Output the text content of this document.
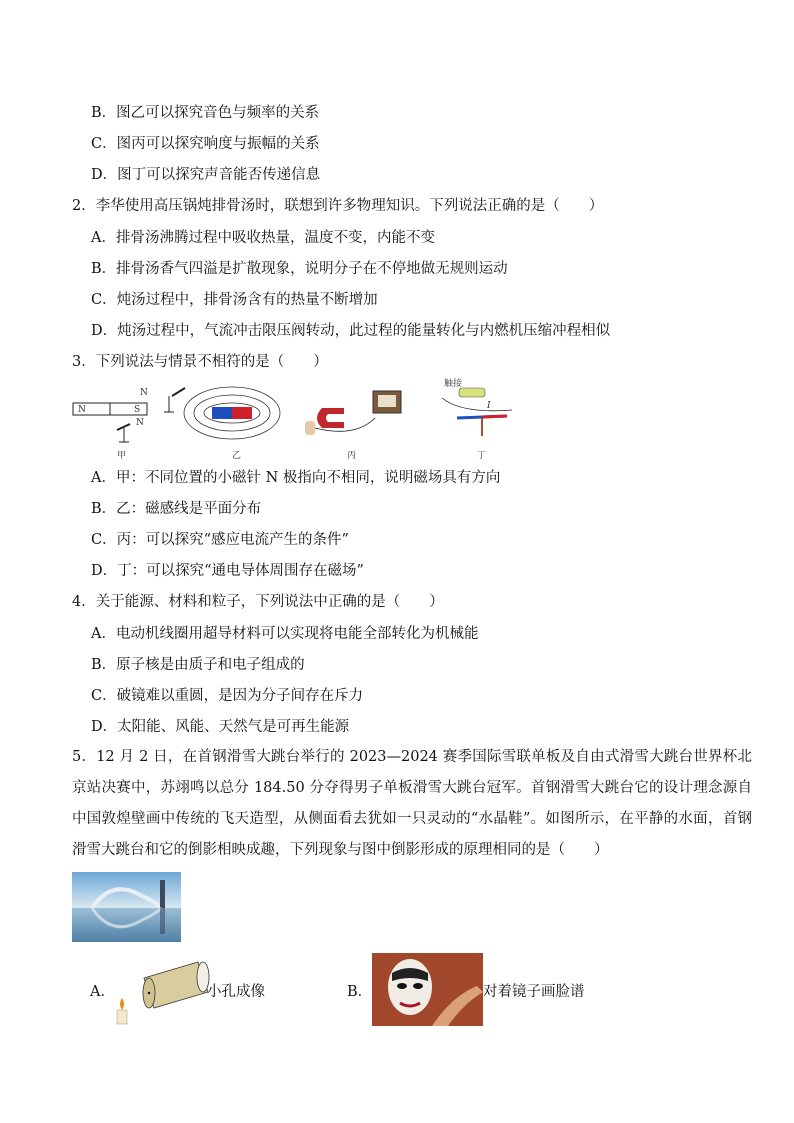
B．图乙可以探究音色与频率的关系
C．图丙可以探究响度与振幅的关系
D．图丁可以探究声音能否传递信息
2．李华使用高压锅炖排骨汤时，联想到许多物理知识。下列说法正确的是（　　）
A．排骨汤沸腾过程中吸收热量，温度不变，内能不变
B．排骨汤香气四溢是扩散现象，说明分子在不停地做无规则运动
C．炖汤过程中，排骨汤含有的热量不断增加
D．炖汤过程中，气流冲击限压阀转动，此过程的能量转化与内燃机压缩冲程相似
3．下列说法与情景不相符的是（　　）
N	S
N
N
触接
I
甲	乙	丙	丁
A．甲：不同位置的小磁针 N 极指向不相同，说明磁场具有方向
B．乙：磁感线是平面分布
C．丙：可以探究“感应电流产生的条件”
D．丁：可以探究“通电导体周围存在磁场”
4．关于能源、材料和粒子，下列说法中正确的是（　　）
A．电动机线圈用超导材料可以实现将电能全部转化为机械能
B．原子核是由质子和电子组成的
C．破镜难以重圆，是因为分子间存在斥力
D．太阳能、风能、天然气是可再生能源
5．12 月 2 日，在首钢滑雪大跳台举行的 2023—2024 赛季国际雪联单板及自由式滑雪大跳台世界杯北京站决赛中，苏翊鸣以总分 184.50 分夺得男子单板滑雪大跳台冠军。首钢滑雪大跳台它的设计理念源自中国敦煌壁画中传统的飞天造型，从侧面看去犹如一只灵动的“水晶鞋”。如图所示，在平静的水面，首钢滑雪大跳台和它的倒影相映成趣，下列现象与图中倒影形成的原理相同的是（　　）
A．	小孔成像	B．	对着镜子画脸谱
